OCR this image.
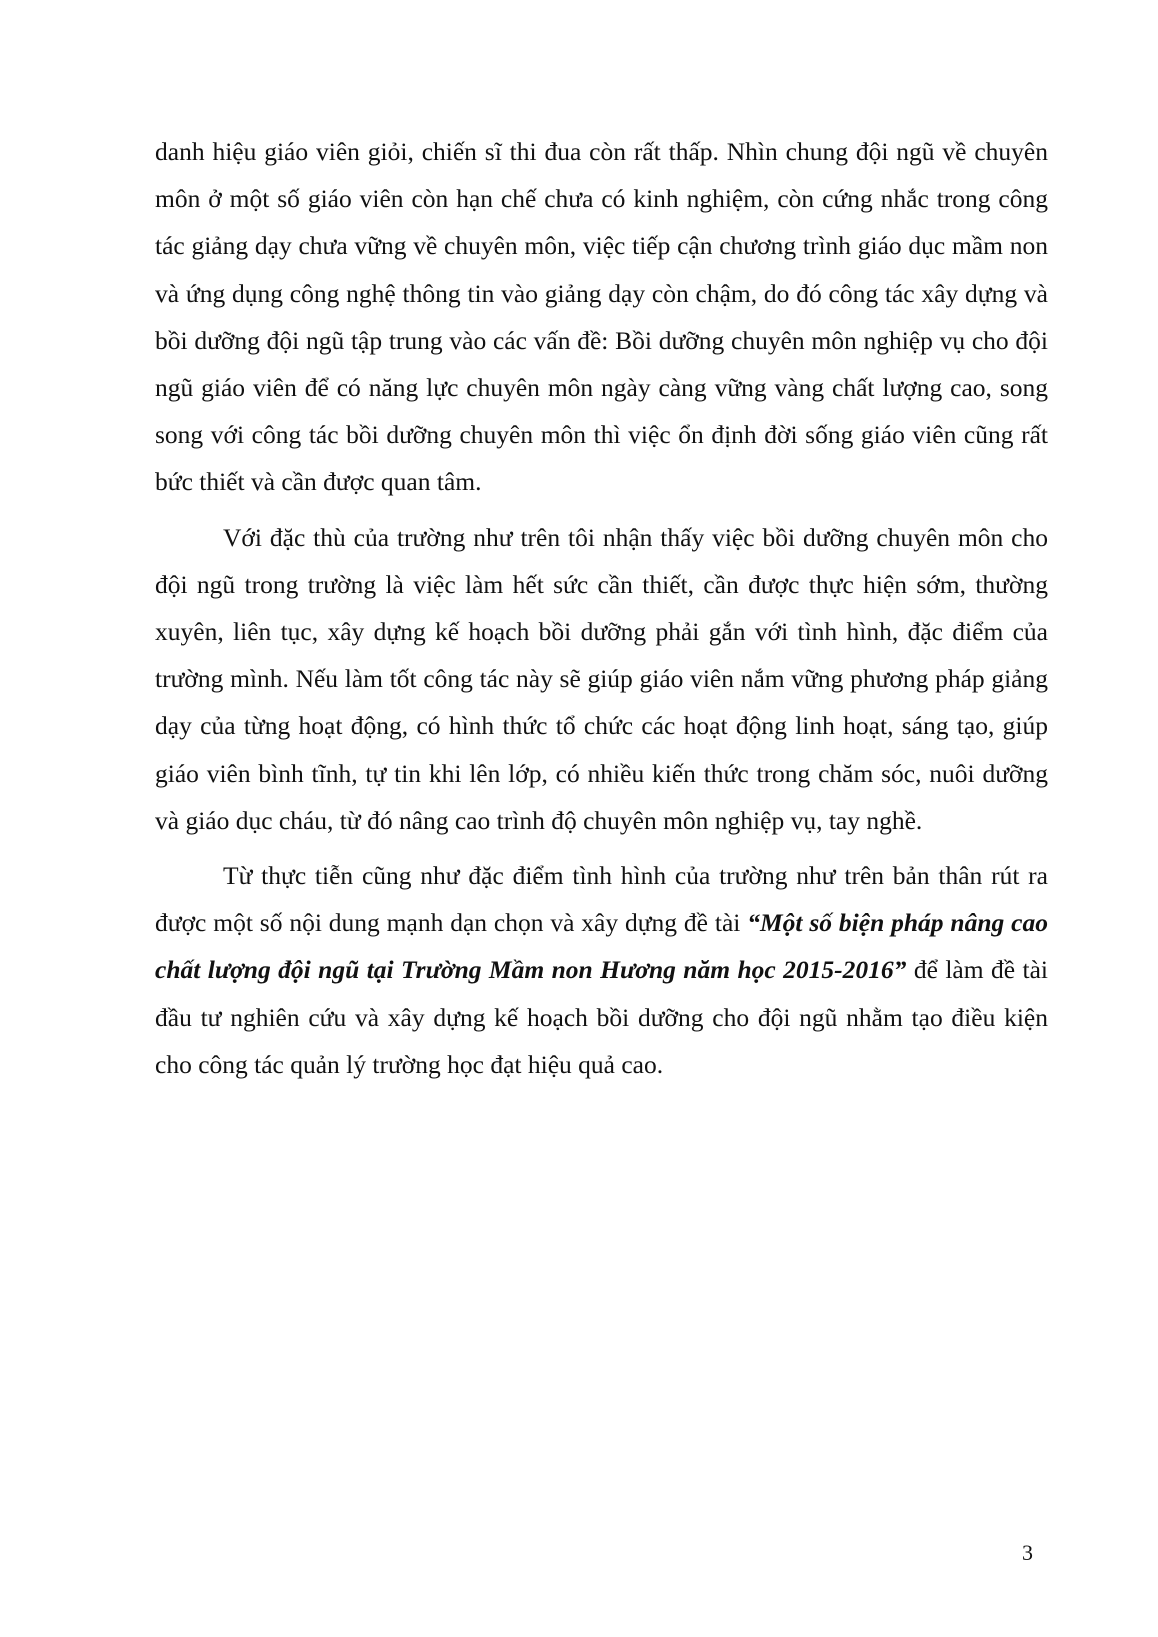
danh hiệu giáo viên giỏi, chiến sĩ thi đua còn rất thấp. Nhìn chung đội ngũ về chuyên môn ở một số giáo viên còn hạn chế chưa có kinh nghiệm, còn cứng nhắc trong công tác giảng dạy chưa vững về chuyên môn, việc tiếp cận chương trình giáo dục mầm non và ứng dụng công nghệ thông tin vào giảng dạy còn chậm, do đó công tác xây dựng và bồi dưỡng đội ngũ tập trung vào các vấn đề: Bồi dưỡng chuyên môn nghiệp vụ cho đội ngũ giáo viên để có năng lực chuyên môn ngày càng vững vàng chất lượng cao, song song với công tác bồi dưỡng chuyên môn thì việc ổn định đời sống giáo viên cũng rất bức thiết và cần được quan tâm.

Với đặc thù của trường như trên tôi nhận thấy việc bồi dưỡng chuyên môn cho đội ngũ trong trường là việc làm hết sức cần thiết, cần được thực hiện sớm, thường xuyên, liên tục, xây dựng kế hoạch bồi dưỡng phải gắn với tình hình, đặc điểm của trường mình. Nếu làm tốt công tác này sẽ giúp giáo viên nắm vững phương pháp giảng dạy của từng hoạt động, có hình thức tổ chức các hoạt động linh hoạt, sáng tạo, giúp giáo viên bình tĩnh, tự tin khi lên lớp, có nhiều kiến thức trong chăm sóc, nuôi dưỡng và giáo dục cháu, từ đó nâng cao trình độ chuyên môn nghiệp vụ, tay nghề.

Từ thực tiễn cũng như đặc điểm tình hình của trường như trên bản thân rút ra được một số nội dung mạnh dạn chọn và xây dựng đề tài “Một số biện pháp nâng cao chất lượng đội ngũ tại Trường Mầm non Hương năm học 2015-2016” để làm đề tài đầu tư nghiên cứu và xây dựng kế hoạch bồi dưỡng cho đội ngũ nhằm tạo điều kiện cho công tác quản lý trường học đạt hiệu quả cao.

3
